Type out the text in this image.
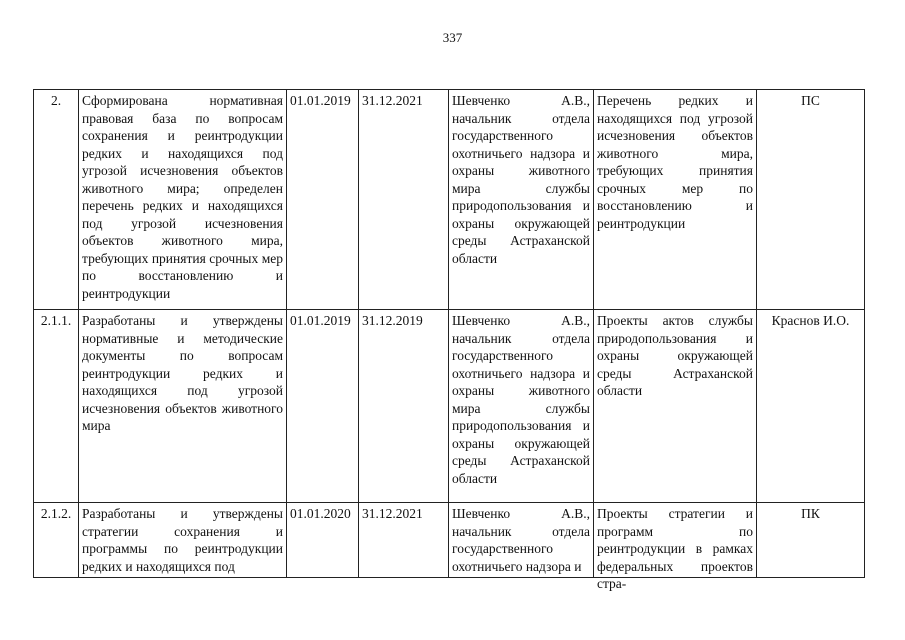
337
2.	Сформирована нормативная правовая база по вопросам сохранения и реинтродукции редких и находящихся под угрозой исчезновения объектов животного мира; определен перечень редких и находящихся под угрозой исчезновения объектов животного мира, требующих принятия срочных мер по восстановлению и реинтродукции	01.01.2019	31.12.2021	Шевченко А.В., начальник отдела государственного охотничьего надзора и охраны животного мира службы природопользования и охраны окружающей среды Астраханской области	Перечень редких и находящихся под угрозой исчезновения объектов животного мира, требующих принятия срочных мер по восстановлению и реинтродукции	ПС
2.1.1.	Разработаны и утверждены нормативные и методические документы по вопросам реинтродукции редких и находящихся под угрозой исчезновения объектов животного мира	01.01.2019	31.12.2019	Шевченко А.В., начальник отдела государственного охотничьего надзора и охраны животного мира службы природопользования и охраны окружающей среды Астраханской области	Проекты актов службы природопользования и охраны окружающей среды Астраханской области	Краснов И.О.
2.1.2.	Разработаны и утверждены стратегии сохранения и программы по реинтродукции редких и находящихся под	01.01.2020	31.12.2021	Шевченко А.В., начальник отдела государственного охотничьего надзора и	Проекты стратегии и программ по реинтродукции в рамках федеральных проектов стра-	ПК
